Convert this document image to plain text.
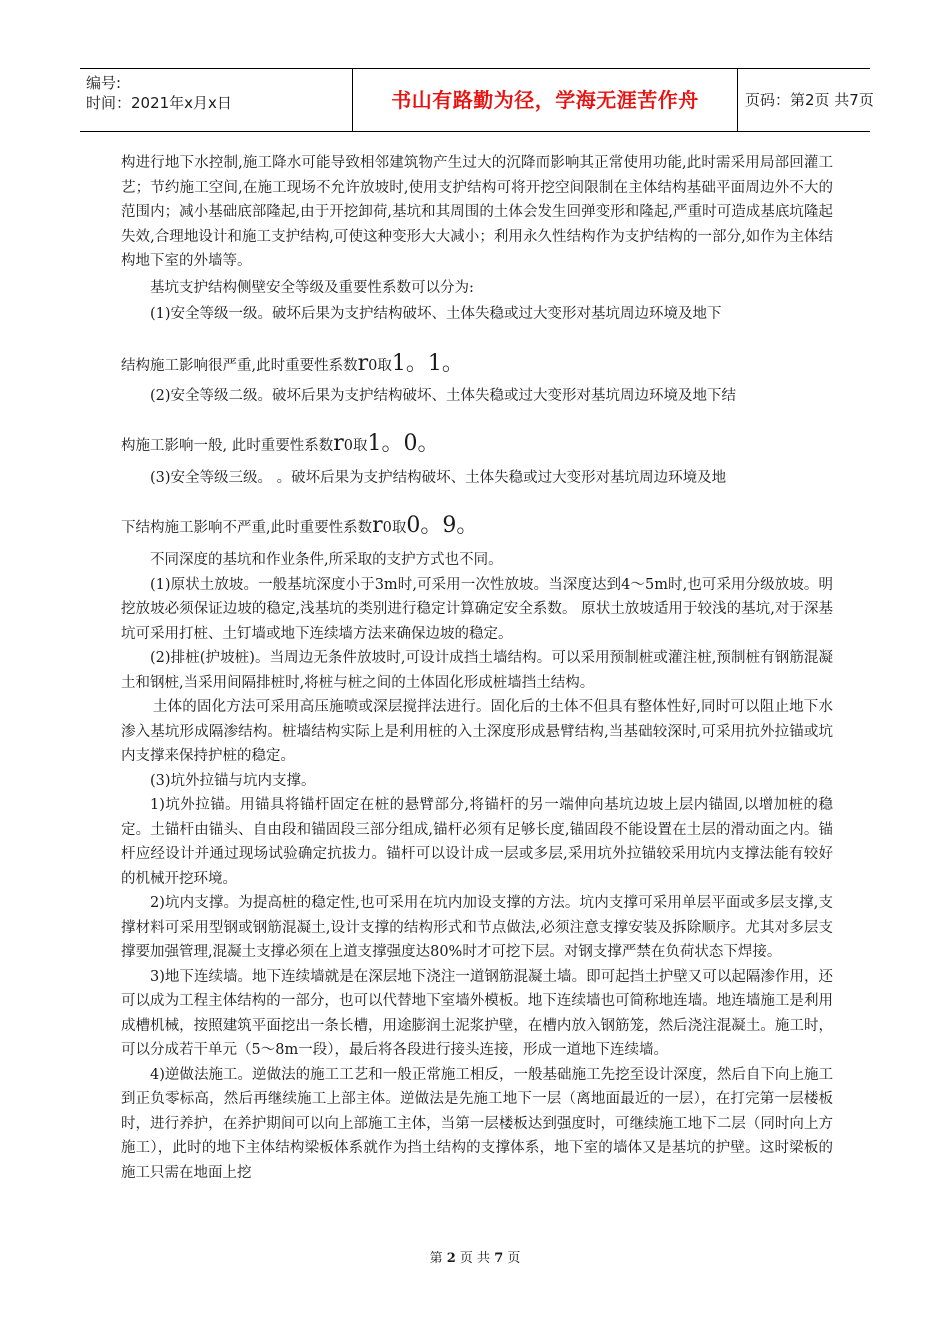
编号:
时间：2021年x月x日	书山有路勤为径，学海无涯苦作舟	页码：第2页 共7页

构进行地下水控制,施工降水可能导致相邻建筑物产生过大的沉降而影响其正常使用功能,此时需采用局部回灌工艺；节约施工空间,在施工现场不允许放坡时,使用支护结构可将开挖空间限制在主体结构基础平面周边外不大的范围内；减小基础底部隆起,由于开挖卸荷,基坑和其周围的土体会发生回弹变形和隆起,严重时可造成基底坑隆起失效,合理地设计和施工支护结构,可使这种变形大大减小；利用永久性结构作为支护结构的一部分,如作为主体结构地下室的外墙等。

基坑支护结构侧壁安全等级及重要性系数可以分为:

(1)安全等级一级。破坏后果为支护结构破坏、土体失稳或过大变形对基坑周边环境及地下

结构施工影响很严重,此时重要性系数r0取1。1。

(2)安全等级二级。破坏后果为支护结构破坏、土体失稳或过大变形对基坑周边环境及地下结

构施工影响一般, 此时重要性系数r0取1。0。

(3)安全等级三级。 。破坏后果为支护结构破坏、土体失稳或过大变形对基坑周边环境及地

下结构施工影响不严重,此时重要性系数r0取0。9。

不同深度的基坑和作业条件,所采取的支护方式也不同。

(1)原状土放坡。一般基坑深度小于3m时,可采用一次性放坡。当深度达到4～5m时,也可采用分级放坡。明挖放坡必须保证边坡的稳定,浅基坑的类别进行稳定计算确定安全系数。 原状土放坡适用于较浅的基坑,对于深基坑可采用打桩、土钉墙或地下连续墙方法来确保边坡的稳定。

(2)排桩(护坡桩)。当周边无条件放坡时,可设计成挡土墙结构。可以采用预制桩或灌注桩,预制桩有钢筋混凝土和钢桩,当采用间隔排桩时,将桩与桩之间的土体固化形成桩墙挡土结构。

土体的固化方法可采用高压施喷或深层搅拌法进行。固化后的土体不但具有整体性好,同时可以阻止地下水渗入基坑形成隔渗结构。桩墙结构实际上是利用桩的入土深度形成悬臂结构,当基础较深时,可采用抗外拉锚或坑内支撑来保持护桩的稳定。

(3)坑外拉锚与坑内支撑。

1)坑外拉锚。用锚具将锚杆固定在桩的悬臂部分,将锚杆的另一端伸向基坑边坡上层内锚固,以增加桩的稳定。土锚杆由锚头、自由段和锚固段三部分组成,锚杆必须有足够长度,锚固段不能设置在土层的滑动面之内。锚杆应经设计并通过现场试验确定抗拔力。锚杆可以设计成一层或多层,采用坑外拉锚较采用坑内支撑法能有较好的机械开挖环境。

2)坑内支撑。为提高桩的稳定性,也可采用在坑内加设支撑的方法。坑内支撑可采用单层平面或多层支撑,支撑材料可采用型钢或钢筋混凝土,设计支撑的结构形式和节点做法,必须注意支撑安装及拆除顺序。尤其对多层支撑要加强管理,混凝土支撑必须在上道支撑强度达80%时才可挖下层。对钢支撑严禁在负荷状态下焊接。

3)地下连续墙。地下连续墙就是在深层地下浇注一道钢筋混凝土墙。即可起挡土护壁又可以起隔渗作用，还可以成为工程主体结构的一部分，也可以代替地下室墙外模板。地下连续墙也可简称地连墙。地连墙施工是利用成槽机械，按照建筑平面挖出一条长槽，用途膨润土泥浆护壁，在槽内放入钢筋笼，然后浇注混凝土。施工时，可以分成若干单元（5～8m一段），最后将各段进行接头连接，形成一道地下连续墙。

4)逆做法施工。逆做法的施工工艺和一般正常施工相反，一般基础施工先挖至设计深度，然后自下向上施工到正负零标高，然后再继续施工上部主体。逆做法是先施工地下一层（离地面最近的一层），在打完第一层楼板时，进行养护，在养护期间可以向上部施工主体，当第一层楼板达到强度时，可继续施工地下二层（同时向上方施工），此时的地下主体结构梁板体系就作为挡土结构的支撑体系，地下室的墙体又是基坑的护壁。这时梁板的施工只需在地面上挖

第 2 页 共 7 页
